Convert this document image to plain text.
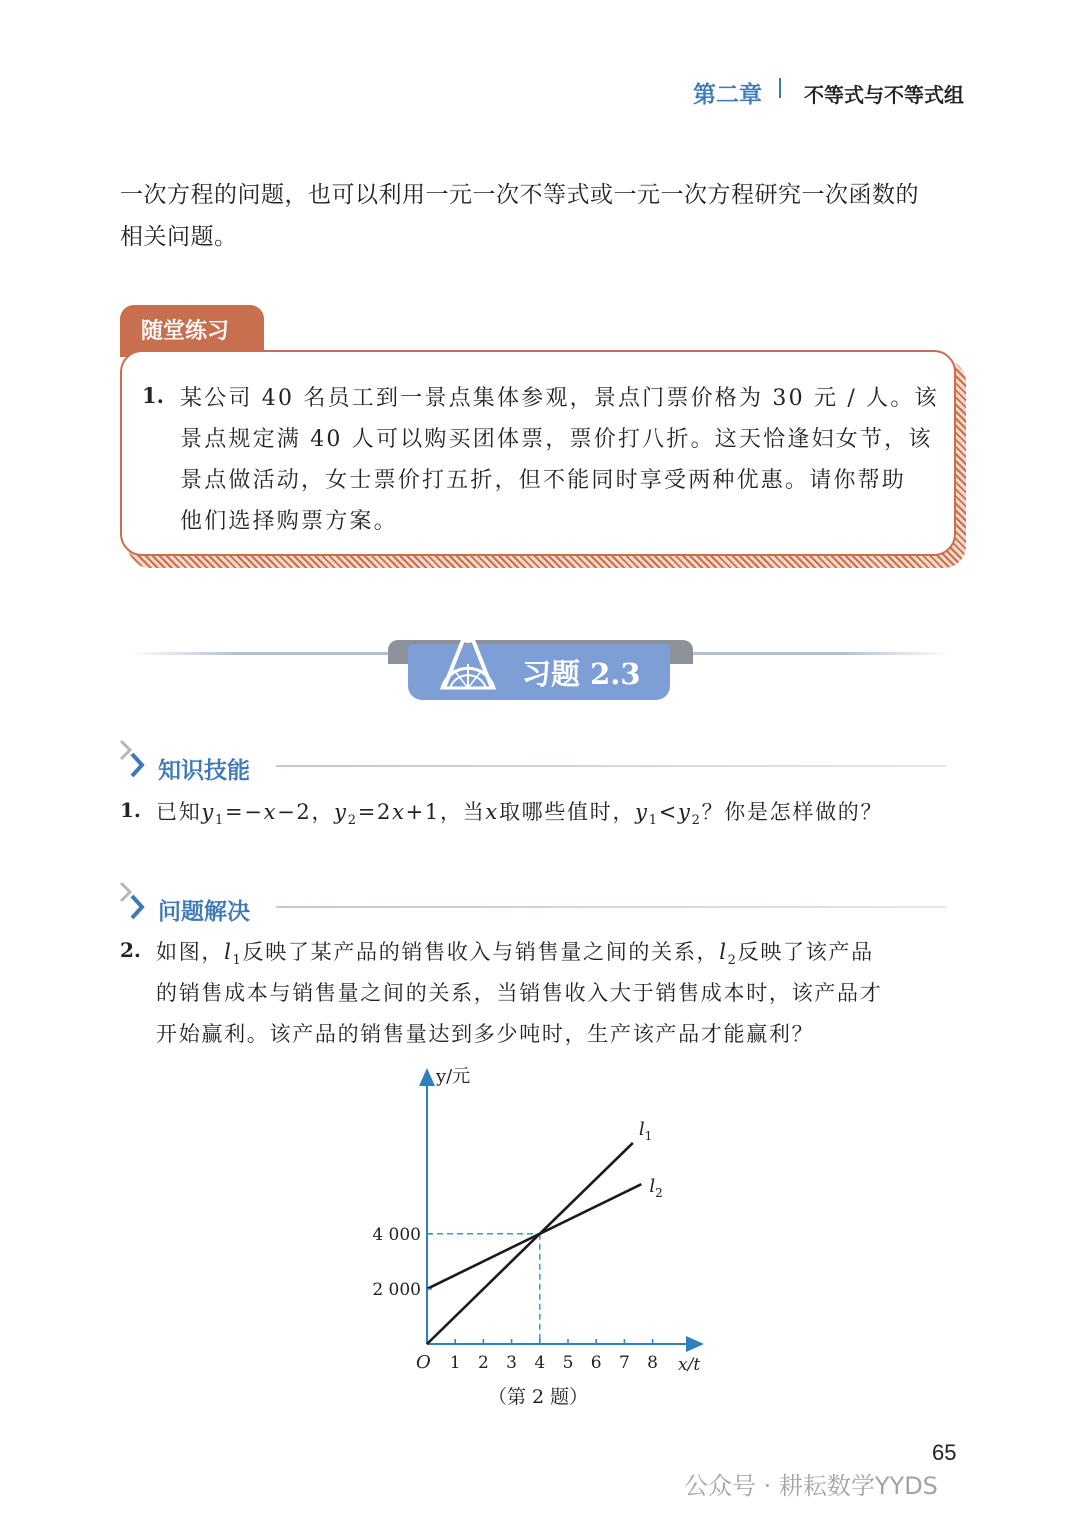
第二章 不等式与不等式组
一次方程的问题，也可以利用一元一次不等式或一元一次方程研究一次函数的
相关问题。
随堂练习
1. 某公司 40 名员工到一景点集体参观，景点门票价格为 30 元 / 人。该
景点规定满 40 人可以购买团体票，票价打八折。这天恰逢妇女节，该
景点做活动，女士票价打五折，但不能同时享受两种优惠。请你帮助
他们选择购票方案。
习题 2.3
知识技能
1. 已知$y_1=-x-2$，$y_2=2x+1$，当x取哪些值时，$y_1<y_2$？你是怎样做的？
问题解决
2. 如图，$l_1$反映了某产品的销售收入与销售量之间的关系，$l_2$反映了该产品
的销售成本与销售量之间的关系，当销售收入大于销售成本时，该产品才
开始赢利。该产品的销售量达到多少吨时，生产该产品才能赢利？
$l_1$
$l_2$
1 2 3 4 5 6 7 8
2 000
4 000
y/元
x/t
O
（第 2 题）
65
公众号 · 耕耘数学YYDS
